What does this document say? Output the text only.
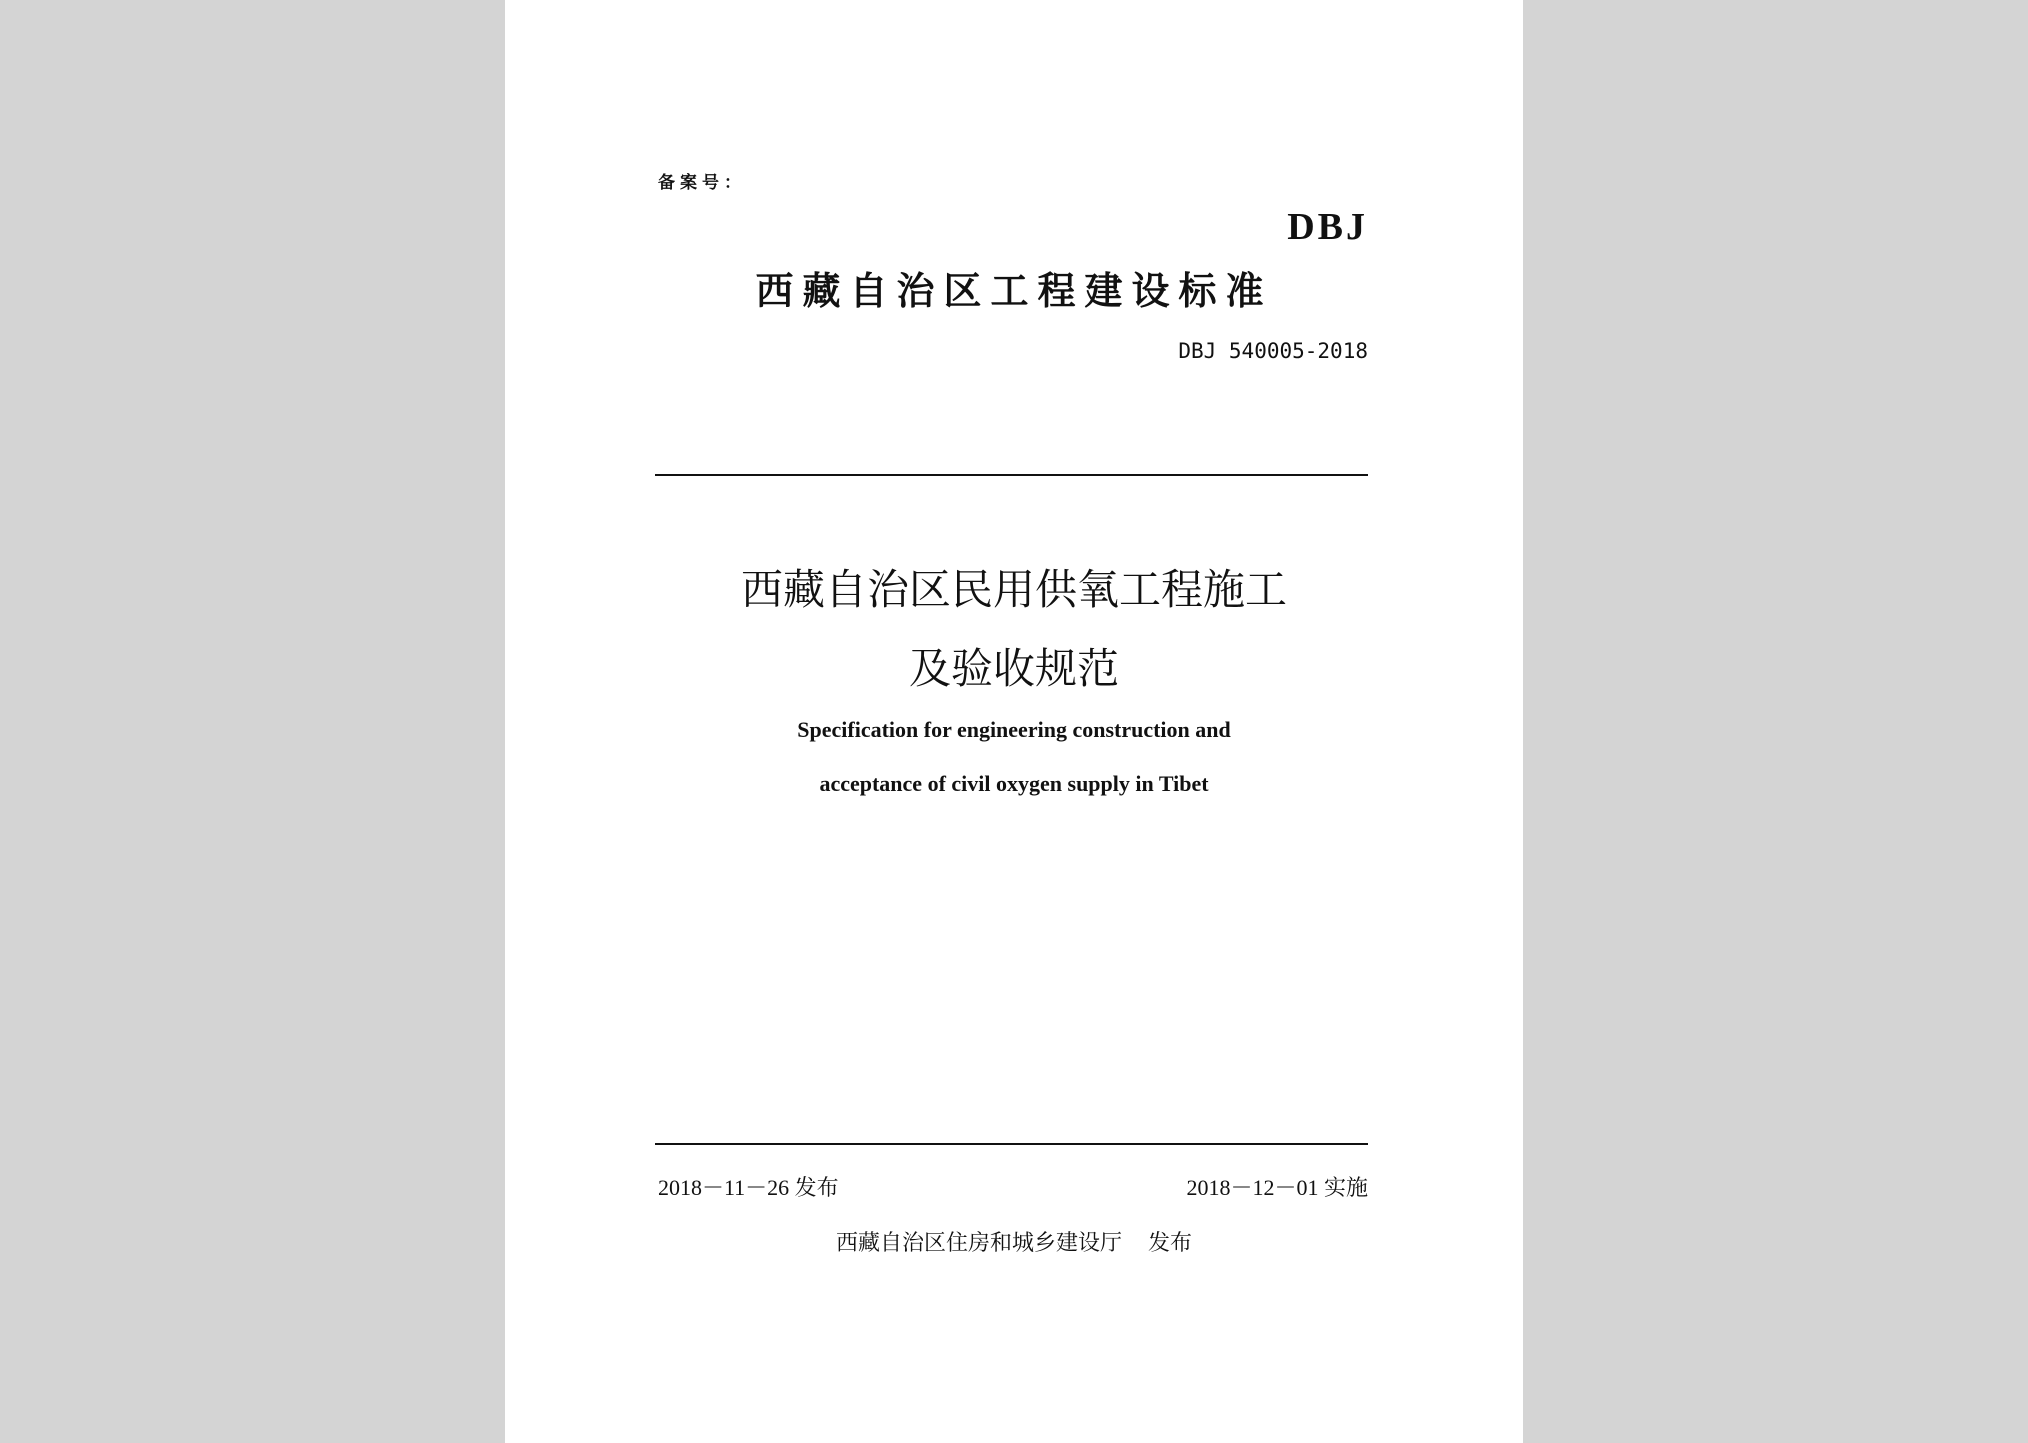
备案号：
DBJ
西藏自治区工程建设标准
DBJ 540005-2018
西藏自治区民用供氧工程施工
及验收规范
Specification for engineering construction and
acceptance of civil oxygen supply in Tibet
2018－11－26 发布	2018－12－01 实施
西藏自治区住房和城乡建设厅 发布
